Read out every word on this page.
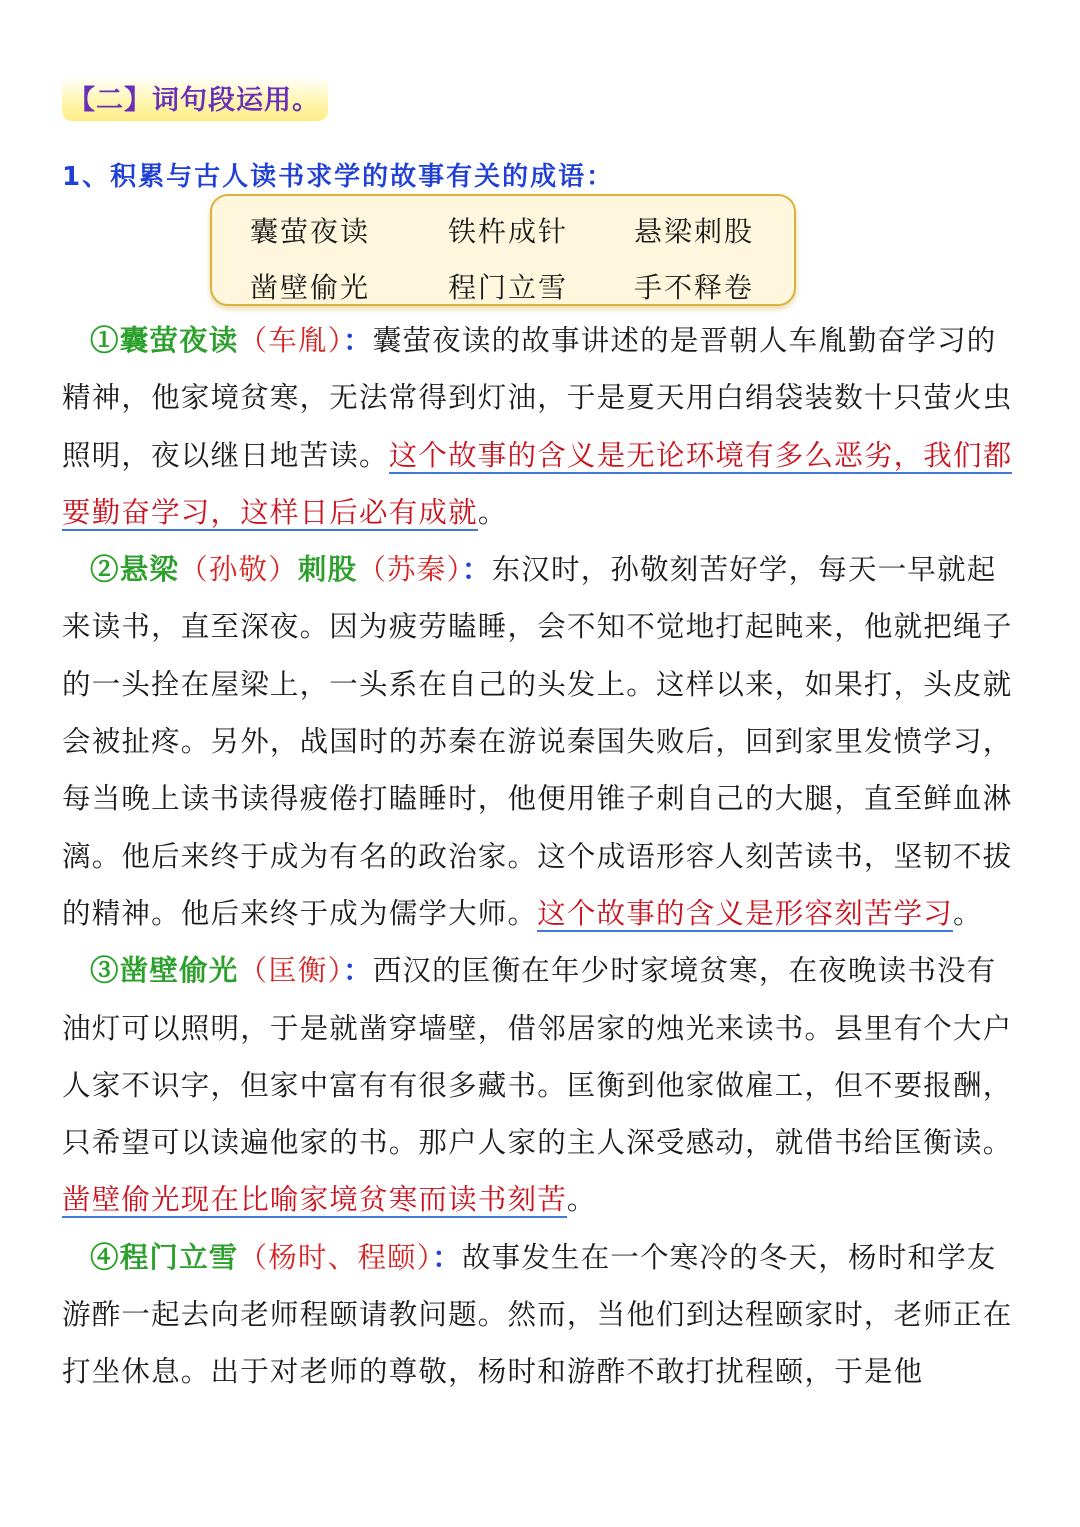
【二】词句段运用。
1、积累与古人读书求学的故事有关的成语：
囊萤夜读	铁杵成针 悬梁刺股
凿壁偷光	程门立雪 手不释卷

①囊萤夜读（车胤）：囊萤夜读的故事讲述的是晋朝人车胤勤奋学习的精神，他家境贫寒，无法常得到灯油，于是夏天用白绢袋装数十只萤火虫照明，夜以继日地苦读。这个故事的含义是无论环境有多么恶劣，我们都要勤奋学习，这样日后必有成就。

②悬梁（孙敬）刺股（苏秦）：东汉时，孙敬刻苦好学，每天一早就起来读书，直至深夜。因为疲劳瞌睡，会不知不觉地打起盹来，他就把绳子的一头拴在屋梁上，一头系在自己的头发上。这样以来，如果打，头皮就会被扯疼。另外，战国时的苏秦在游说秦国失败后，回到家里发愤学习，每当晚上读书读得疲倦打瞌睡时，他便用锥子刺自己的大腿，直至鲜血淋漓。他后来终于成为有名的政治家。这个成语形容人刻苦读书，坚韧不拔的精神。他后来终于成为儒学大师。这个故事的含义是形容刻苦学习。

③凿壁偷光（匡衡）：西汉的匡衡在年少时家境贫寒，在夜晚读书没有油灯可以照明，于是就凿穿墙壁，借邻居家的烛光来读书。县里有个大户人家不识字，但家中富有有很多藏书。匡衡到他家做雇工，但不要报酬，只希望可以读遍他家的书。那户人家的主人深受感动，就借书给匡衡读。凿壁偷光现在比喻家境贫寒而读书刻苦。

④程门立雪（杨时、程颐）：故事发生在一个寒冷的冬天，杨时和学友游酢一起去向老师程颐请教问题。然而，当他们到达程颐家时，老师正在打坐休息。出于对老师的尊敬，杨时和游酢不敢打扰程颐，于是他
